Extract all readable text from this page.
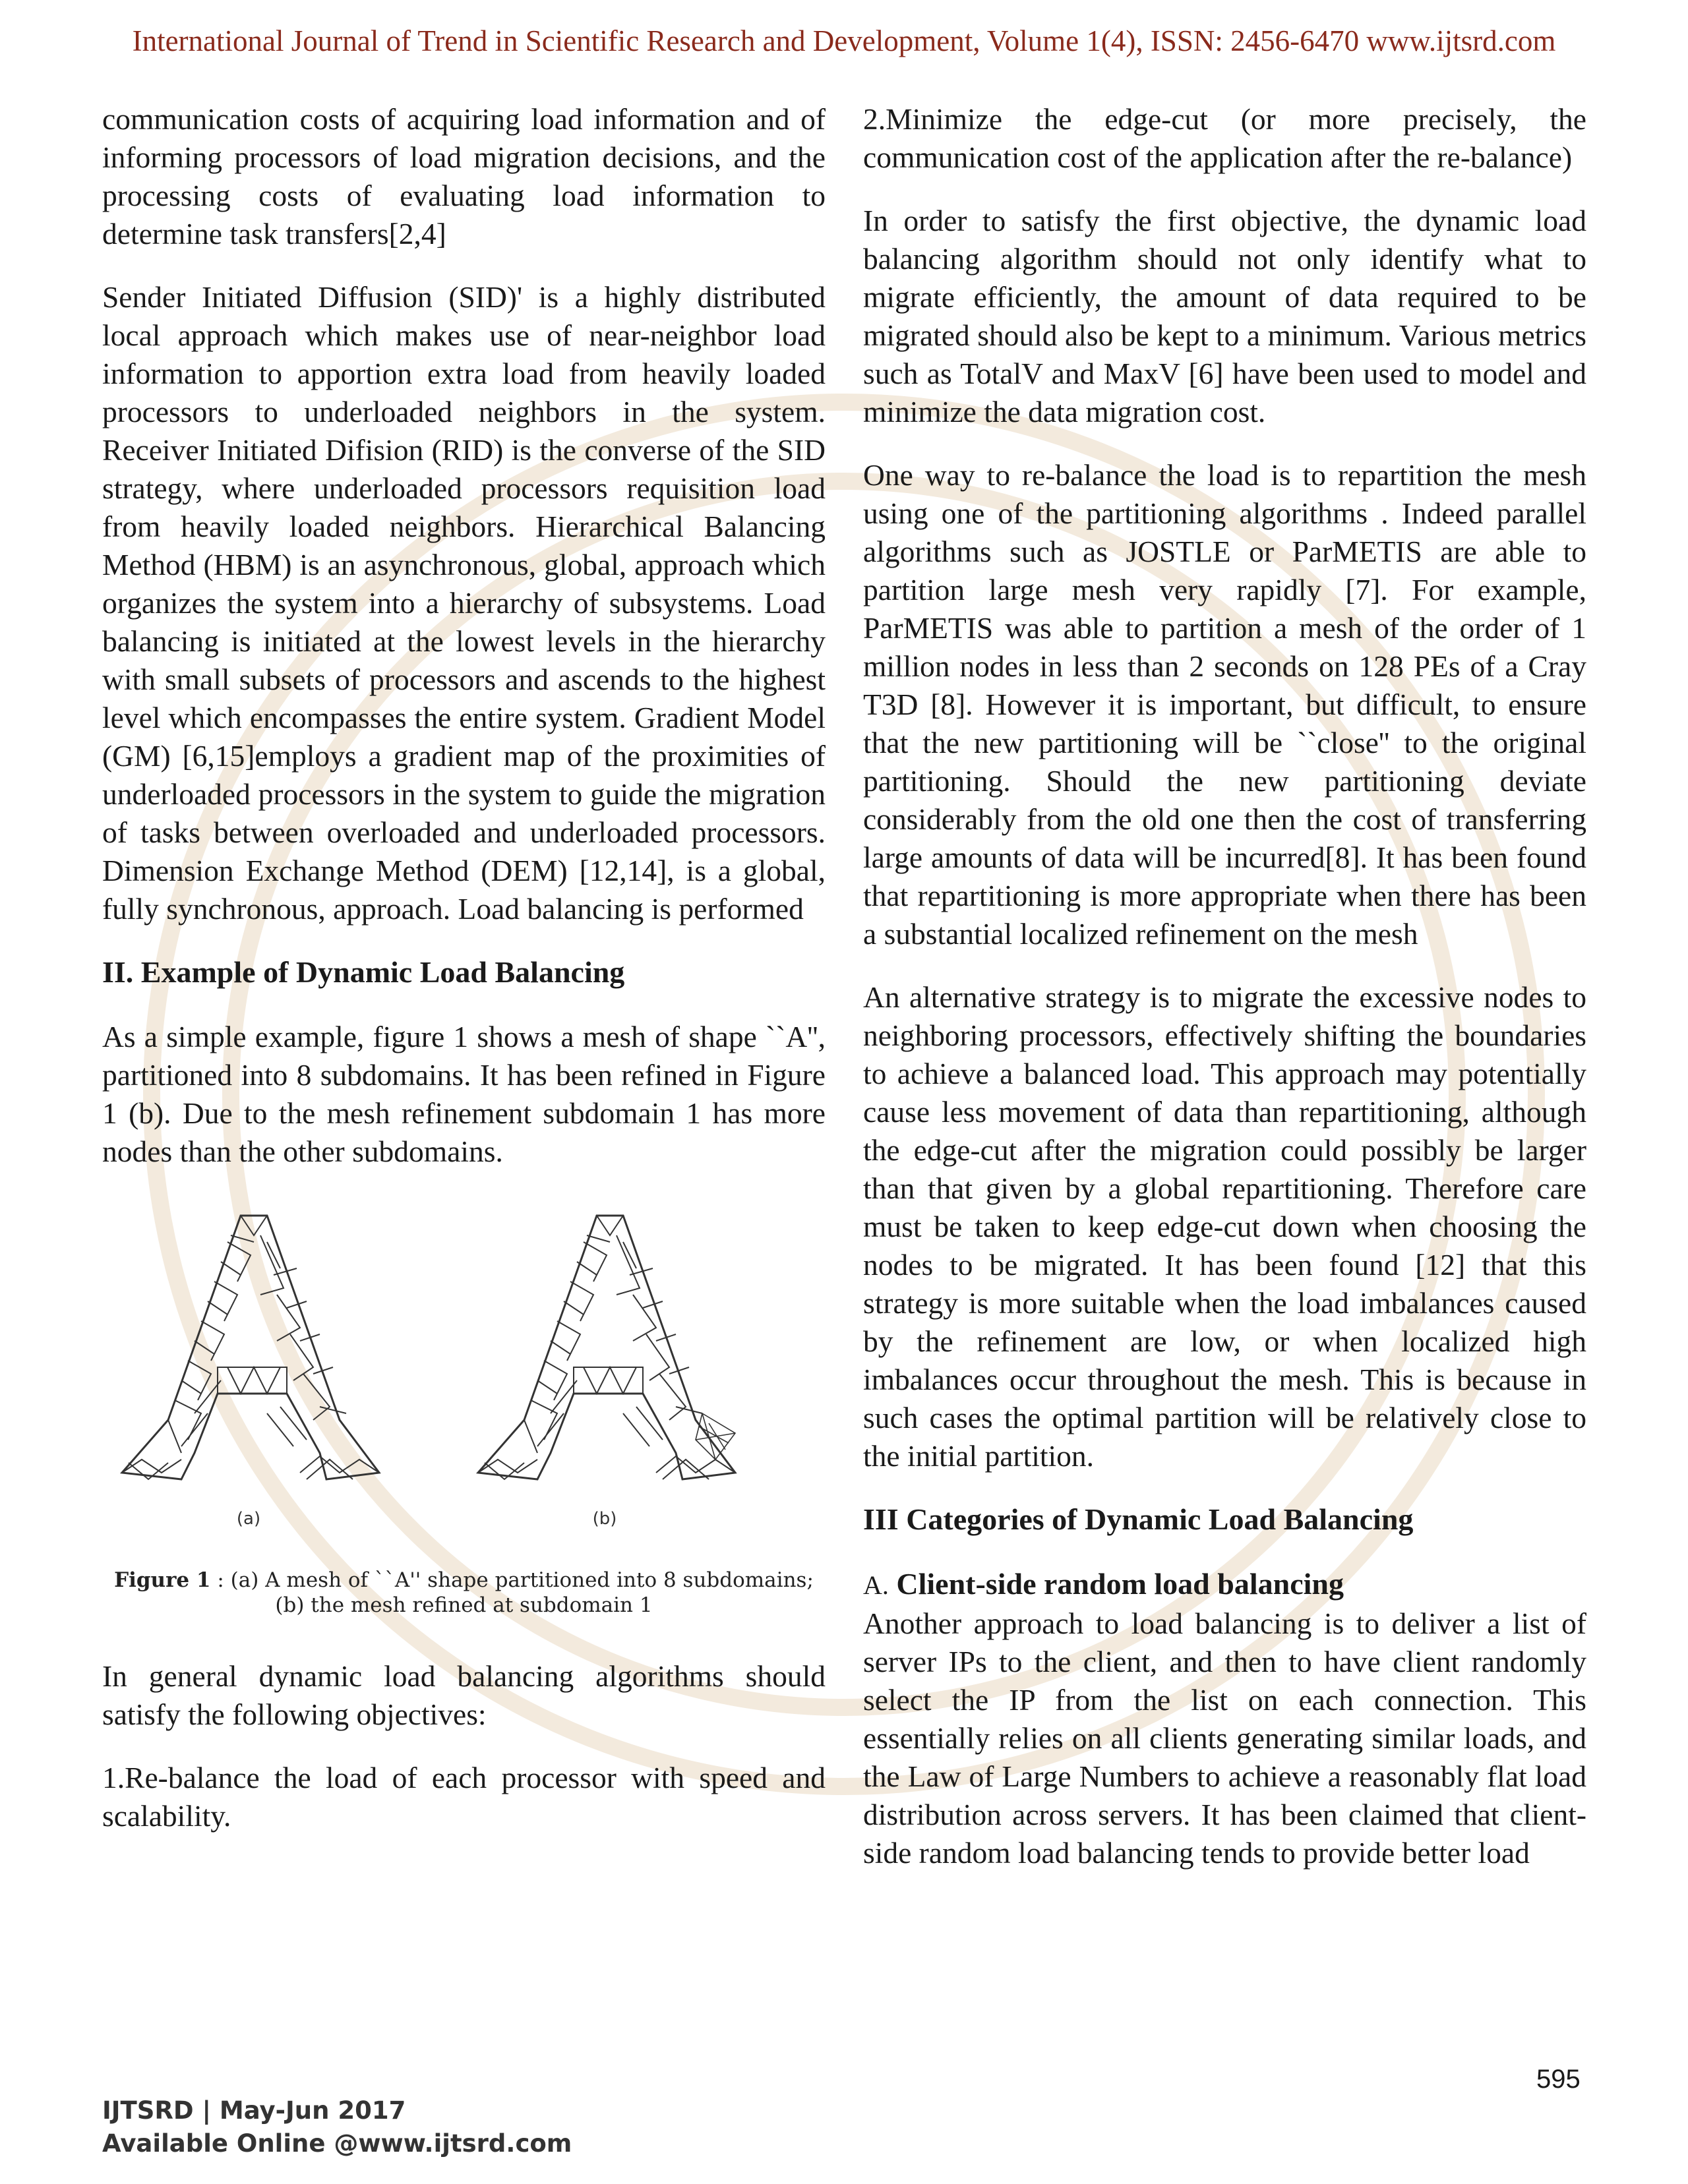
International Journal of Trend in Scientific Research and Development, Volume 1(4), ISSN: 2456-6470 www.ijtsrd.com

communication costs of acquiring load information and of informing processors of load migration decisions, and the processing costs of evaluating load information to determine task transfers[2,4]

Sender Initiated Diffusion (SID)' is a highly distributed local approach which makes use of near-neighbor load information to apportion extra load from heavily loaded processors to underloaded neighbors in the system. Receiver Initiated Difision (RID) is the converse of the SID strategy, where underloaded processors requisition load from heavily loaded neighbors. Hierarchical Balancing Method (HBM) is an asynchronous, global, approach which organizes the system into a hierarchy of subsystems. Load balancing is initiated at the lowest levels in the hierarchy with small subsets of processors and ascends to the highest level which encompasses the entire system. Gradient Model (GM) [6,15]employs a gradient map of the proximities of underloaded processors in the system to guide the migration of tasks between overloaded and underloaded processors. Dimension Exchange Method (DEM) [12,14], is a global, fully synchronous, approach. Load balancing is performed

II. Example of Dynamic Load Balancing

As a simple example, figure 1 shows a mesh of shape ``A'', partitioned into 8 subdomains. It has been refined in Figure 1 (b). Due to the mesh refinement subdomain 1 has more nodes than the other subdomains.

(a)	(b)
Figure 1 : (a) A mesh of ``A'' shape partitioned into 8 subdomains; (b) the mesh refined at subdomain 1

In general dynamic load balancing algorithms should satisfy the following objectives:

1.Re-balance the load of each processor with speed and scalability.

2.Minimize the edge-cut (or more precisely, the communication cost of the application after the re-balance)

In order to satisfy the first objective, the dynamic load balancing algorithm should not only identify what to migrate efficiently, the amount of data required to be migrated should also be kept to a minimum. Various metrics such as TotalV and MaxV [6] have been used to model and minimize the data migration cost.

One way to re-balance the load is to repartition the mesh using one of the partitioning algorithms . Indeed parallel algorithms such as JOSTLE or ParMETIS are able to partition large mesh very rapidly [7]. For example, ParMETIS was able to partition a mesh of the order of 1 million nodes in less than 2 seconds on 128 PEs of a Cray T3D [8]. However it is important, but difficult, to ensure that the new partitioning will be ``close'' to the original partitioning. Should the new partitioning deviate considerably from the old one then the cost of transferring large amounts of data will be incurred[8]. It has been found that repartitioning is more appropriate when there has been a substantial localized refinement on the mesh

An alternative strategy is to migrate the excessive nodes to neighboring processors, effectively shifting the boundaries to achieve a balanced load. This approach may potentially cause less movement of data than repartitioning, although the edge-cut after the migration could possibly be larger than that given by a global repartitioning. Therefore care must be taken to keep edge-cut down when choosing the nodes to be migrated. It has been found [12] that this strategy is more suitable when the load imbalances caused by the refinement are low, or when localized high imbalances occur throughout the mesh. This is because in such cases the optimal partition will be relatively close to the initial partition.

III Categories of Dynamic Load Balancing
A. Client-side random load balancing

Another approach to load balancing is to deliver a list of server IPs to the client, and then to have client randomly select the IP from the list on each connection. This essentially relies on all clients generating similar loads, and the Law of Large Numbers to achieve a reasonably flat load distribution across servers. It has been claimed that client-side random load balancing tends to provide better load

595
IJTSRD | May-Jun 2017
Available Online @www.ijtsrd.com
